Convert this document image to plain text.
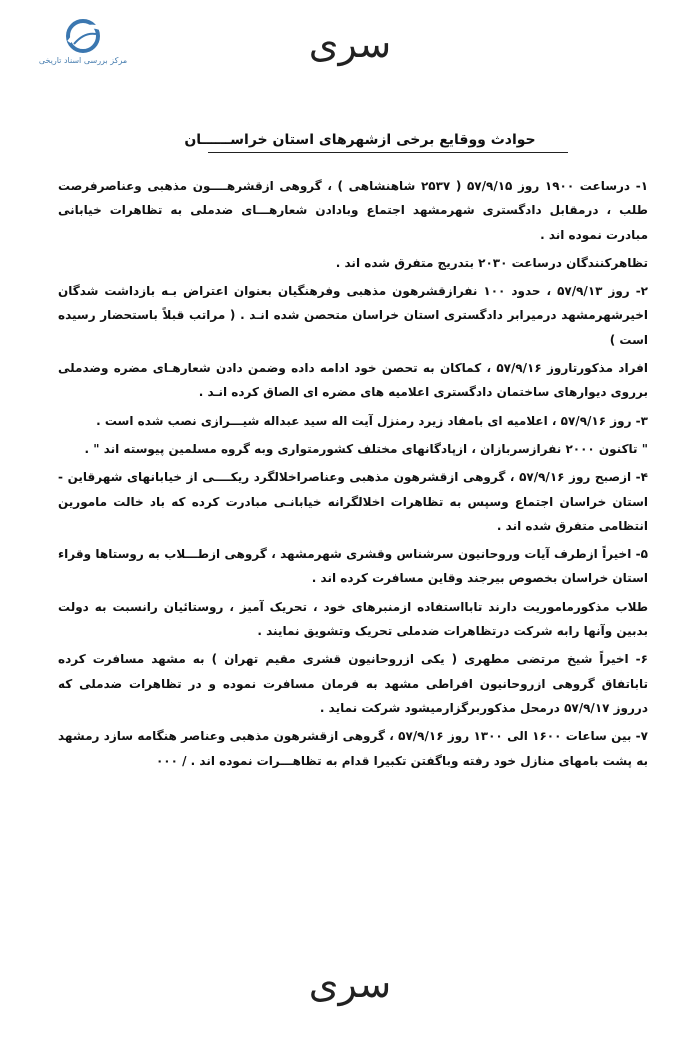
مرکز بررسی اسناد تاریخی	سری
حوادث ووقایع برخی ازشهرهای استان خراســــــان

۱- درساعت ۱۹۰۰ روز ۵۷/۹/۱۵ ( ۲۵۳۷ شاهنشاهی ) ، گروهی ازقشرهــــون مذهبی وعناصرفرصت طلب ، درمقابل دادگستری شهرمشهد اجتماع وبادادن شعارهـــای ضدملی به تظاهرات خیابانی مبادرت نموده اند .

تظاهرکنندگان درساعت ۲۰۳۰ بتدریج متفرق شده اند .

۲- روز ۵۷/۹/۱۳ ، حدود ۱۰۰ نفرازقشرهون مذهبی وفرهنگیان بعنوان اعتراض بـه بازداشت شدگان اخیرشهرمشهد درمیرابر دادگستری استان خراسان متحصن شده انـد . ( مراتب قبلاً باستحضار رسیده است )

افراد مذکورتاروز ۵۷/۹/۱۶ ، کماکان به تحصن خود ادامه داده وضمن دادن شعارهـای مضره وضدملی برروی دیوارهای ساختمان دادگستری اعلامیه های مضره ای الصاق کرده انـد .

۳- روز ۵۷/۹/۱۶ ، اعلامیه ای بامفاد زیرد رمنزل آیت اله سید عبداله شیـــرازی نصب شده است .

" تاکنون ۲۰۰۰ نفرازسربازان ، ازپادگانهای مختلف کشورمتواری وبه گروه مسلمین پیوسته اند " .

۴- ازصبح روز ۵۷/۹/۱۶ ، گروهی ازقشرهون مذهبی وعناصراخلالگرد ریکــــی از خیابانهای شهرقاین - استان خراسان اجتماع وسپس به تظاهرات اخلالگرانه خیابانـی مبادرت کرده که باد خالت مامورین انتظامی متفرق شده اند .

۵- اخیراً ازطرف آیات وروحانیون سرشناس وقشری شهرمشهد ، گروهی ازطـــلاب به روستاها وقراء استان خراسان بخصوص بیرجند وقاین مسافرت کرده اند .

طلاب مذکورماموریت دارند تابااستفاده ازمنبرهای خود ، تحریک آمیز ، روستائیان رانسبت به دولت بدبین وآنها رابه شرکت درتظاهرات ضدملی تحریک وتشویق نمایند .

۶- اخیراً شیخ مرتضی مطهری ( یکی ازروحانیون قشری مقیم تهران ) به مشهد مسافرت کرده تاباتفاق گروهی ازروحانیون افراطی مشهد به فرمان مسافرت نموده و در تظاهرات ضدملی که درروز ۵۷/۹/۱۷ درمحل مذکوربرگزارمیشود شرکت نماید .

۷- بین ساعات ۱۶۰۰ الی ۱۳۰۰ روز ۵۷/۹/۱۶ ، گروهی ازقشرهون مذهبی وعناصر هنگامه سازد رمشهد به پشت بامهای منازل خود رفته وباگفتن تکبیرا قدام به تظاهـــرات نموده اند . / ۰۰۰

سری
